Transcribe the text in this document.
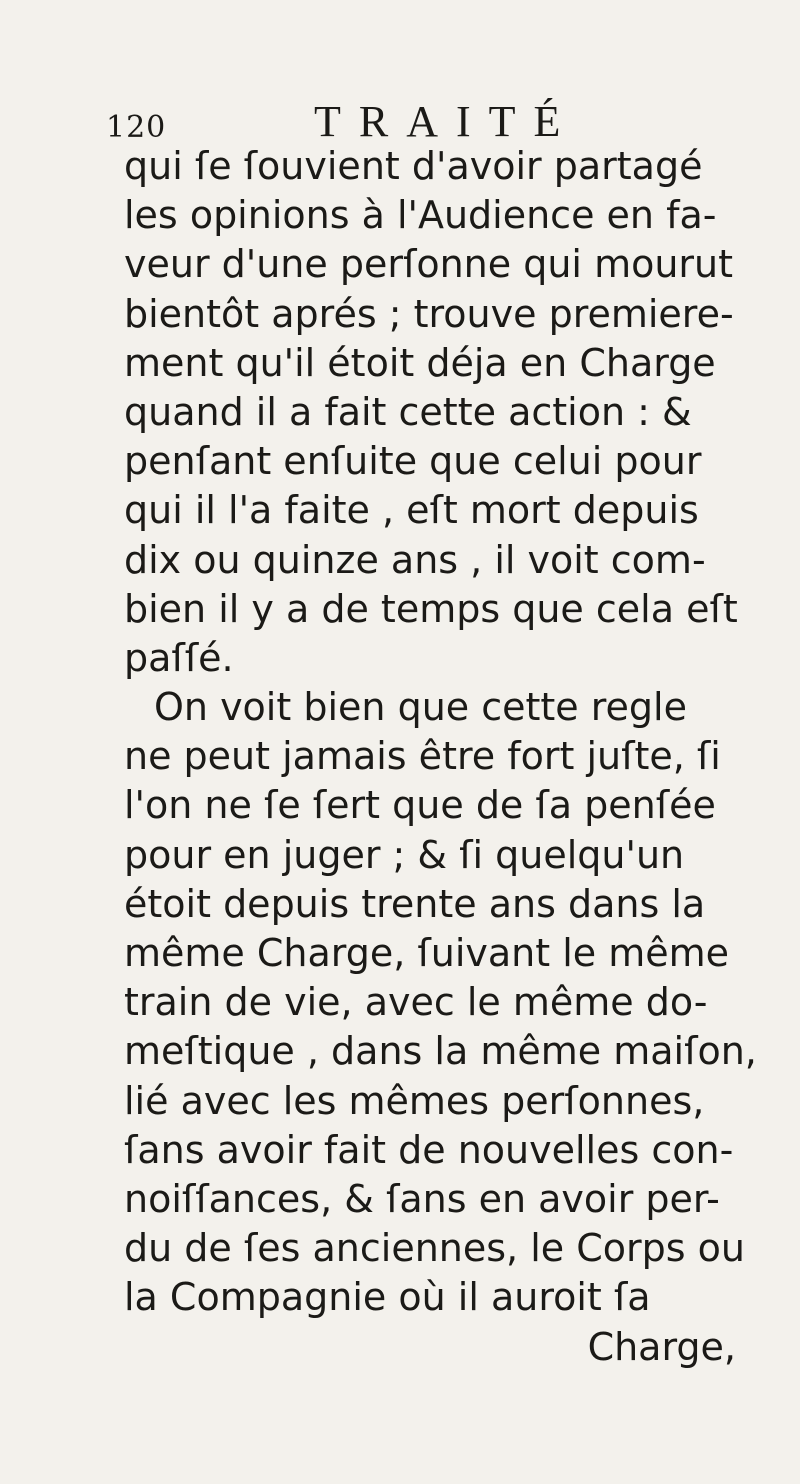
120	TRAITÉ
qui ſe ſouvient d'avoir partagé
les opinions à l'Audience en fa-
veur d'une perſonne qui mourut
bientôt aprés ; trouve premiere-
ment qu'il étoit déja en Charge
quand il a fait cette action : &
penſant enſuite que celui pour
qui il l'a faite , eſt mort depuis
dix ou quinze ans , il voit com-
bien il y a de temps que cela eſt
paſſé.
On voit bien que cette regle
ne peut jamais être fort juſte, ſi
l'on ne ſe ſert que de ſa penſée
pour en juger ; & ſi quelqu'un
étoit depuis trente ans dans la
même Charge, ſuivant le même
train de vie, avec le même do-
meſtique , dans la même maiſon,
lié avec les mêmes perſonnes,
ſans avoir fait de nouvelles con-
noiſſances, & ſans en avoir per-
du de ſes anciennes, le Corps ou
la Compagnie où il auroit ſa
Charge,
